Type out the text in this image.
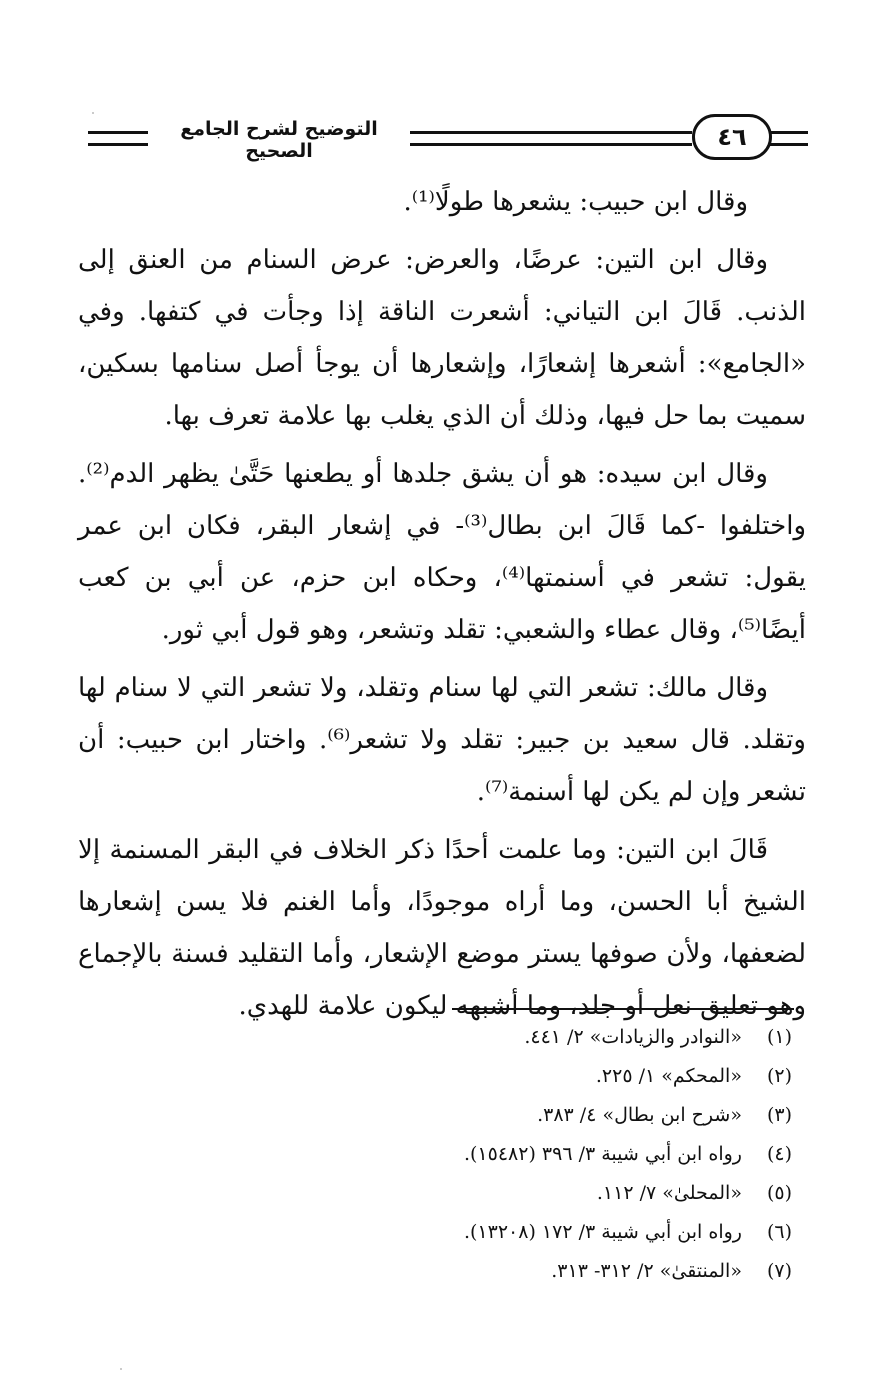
التوضيح لشرح الجامع الصحيح	٤٦

وقال ابن حبيب: يشعرها طولًا⁽¹⁾.

وقال ابن التين: عرضًا، والعرض: عرض السنام من العنق إلى الذنب. قَالَ ابن التياني: أشعرت الناقة إذا وجأت في كتفها. وفي «الجامع»: أشعرها إشعارًا، وإشعارها أن يوجأ أصل سنامها بسكين، سميت بما حل فيها، وذلك أن الذي يغلب بها علامة تعرف بها.

وقال ابن سيده: هو أن يشق جلدها أو يطعنها حَتَّىٰ يظهر الدم⁽²⁾. واختلفوا -كما قَالَ ابن بطال⁽³⁾- في إشعار البقر، فكان ابن عمر يقول: تشعر في أسنمتها⁽⁴⁾، وحكاه ابن حزم، عن أبي بن كعب أيضًا⁽⁵⁾، وقال عطاء والشعبي: تقلد وتشعر، وهو قول أبي ثور.

وقال مالك: تشعر التي لها سنام وتقلد، ولا تشعر التي لا سنام لها وتقلد. قال سعيد بن جبير: تقلد ولا تشعر⁽⁶⁾. واختار ابن حبيب: أن تشعر وإن لم يكن لها أسنمة⁽⁷⁾.

قَالَ ابن التين: وما علمت أحدًا ذكر الخلاف في البقر المسنمة إلا الشيخ أبا الحسن، وما أراه موجودًا، وأما الغنم فلا يسن إشعارها لضعفها، ولأن صوفها يستر موضع الإشعار، وأما التقليد فسنة بالإجماع وهو تعليق نعل أو جلد، وما أشبهه ليكون علامة للهدي.

(١) «النوادر والزيادات» ٢/ ٤٤١.
(٢) «المحكم» ١/ ٢٢٥.
(٣) «شرح ابن بطال» ٤/ ٣٨٣.
(٤) رواه ابن أبي شيبة ٣/ ٣٩٦ (١٥٤٨٢).
(٥) «المحلىٰ» ٧/ ١١٢.
(٦) رواه ابن أبي شيبة ٣/ ١٧٢ (١٣٢٠٨).
(٧) «المنتقىٰ» ٢/ ٣١٢- ٣١٣.
